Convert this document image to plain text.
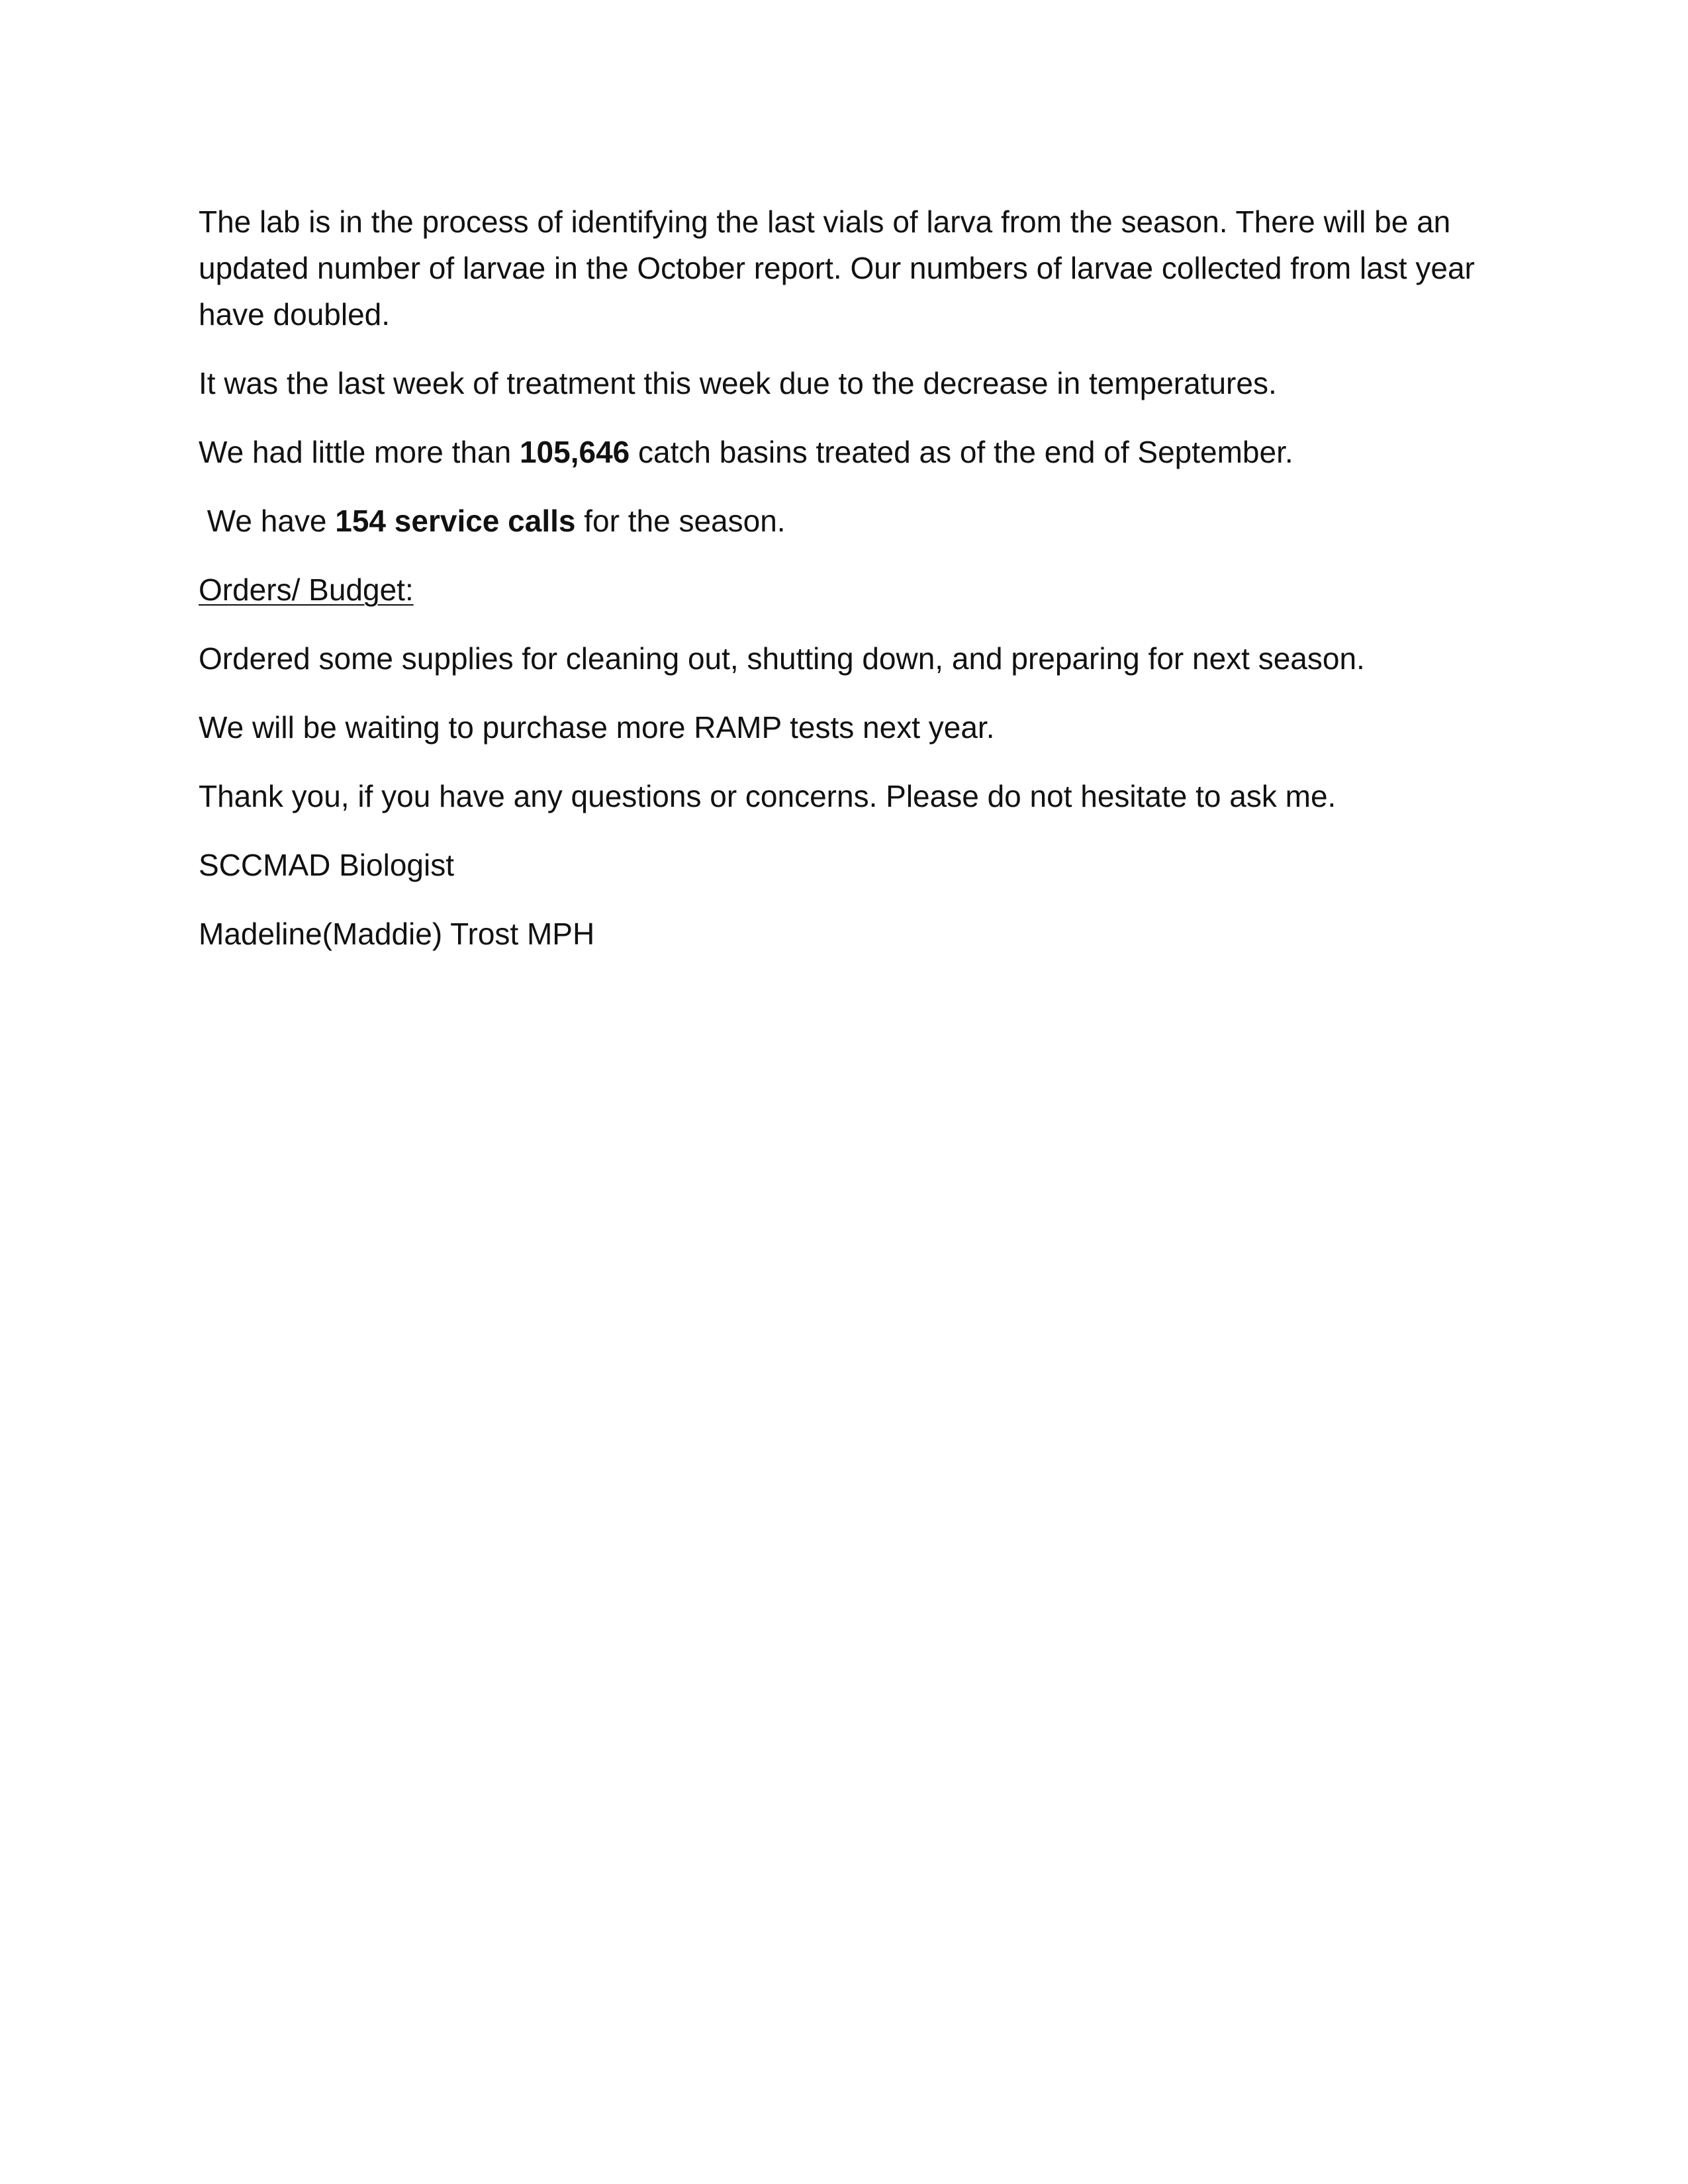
The lab is in the process of identifying the last vials of larva from the season. There will be an updated number of larvae in the October report. Our numbers of larvae collected from last year have doubled.

It was the last week of treatment this week due to the decrease in temperatures.

We had little more than 105,646 catch basins treated as of the end of September.

We have 154 service calls for the season.

Orders/ Budget:

Ordered some supplies for cleaning out, shutting down, and preparing for next season.

We will be waiting to purchase more RAMP tests next year.

Thank you, if you have any questions or concerns. Please do not hesitate to ask me.

SCCMAD Biologist

Madeline(Maddie) Trost MPH
